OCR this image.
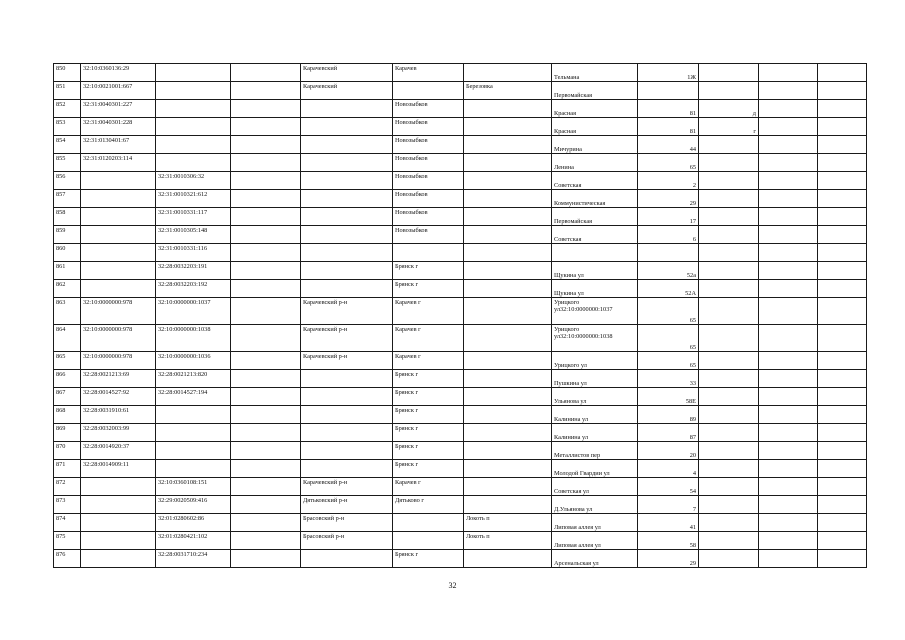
850	32:10:0360136:29			Карачевский	Карачев		Тельмана	1Ж			
851	32:10:0021001:667			Карачевский		Березовка	Первомайская				
852	32:31:0040301:227				Новозыбков		Красная	81	д		
853	32:31:0040301:228				Новозыбков		Красная	81	г		
854	32:31:0130401:67				Новозыбков		Мичурина	44			
855	32:31:0120203:114				Новозыбков		Ленина	65			
856		32:31:0010306:32			Новозыбков		Советская	2			
857		32:31:0010321:612			Новозыбков		Коммунистическая	29			
858		32:31:0010331:117			Новозыбков		Первомайская	17			
859		32:31:0010305:148			Новозыбков		Советская	6			
860		32:31:0010331:116									
861		32:28:0032203:191			Брянск г		Щукина ул	52а			
862		32:28:0032203:192			Брянск г		Щукина ул	52А			
863	32:10:0000000:978	32:10:0000000:1037		Карачевский р-н	Карачев г		Урицкого ул32:10:0000000:1037	65			
864	32:10:0000000:978	32:10:0000000:1038		Карачевский р-н	Карачев г		Урицкого ул32:10:0000000:1038	65			
865	32:10:0000000:978	32:10:0000000:1036		Карачевский р-н	Карачев г		Урицкого ул	65			
866	32:28:0021213:69	32:28:0021213:820			Брянск г		Пушкина ул	33			
867	32:28:0014527:92	32:28:0014527:194			Брянск г		Ульянова ул	58Е			
868	32:28:0031910:61				Брянск г		Калинина ул	89			
869	32:28:0032003:99				Брянск г		Калинина ул	87			
870	32:28:0014920:37				Брянск г		Металлистов пер	20			
871	32:28:0014909:11				Брянск г		Молодой Гвардии ул	4			
872		32:10:0360108:151		Карачевский р-н	Карачев г		Советская ул	54			
873		32:29:0020509:416		Дятьковский р-н	Дятьково г		Д.Ульянова ул	7			
874		32:01:0280602:86		Брасовский р-н		Локоть п	Липовая аллея ул	41			
875		32:01:0280421:102		Брасовский р-н		Локоть п	Липовая аллея ул	58			
876		32:28:0031710:234			Брянск г		Арсенальская ул	29			
32
